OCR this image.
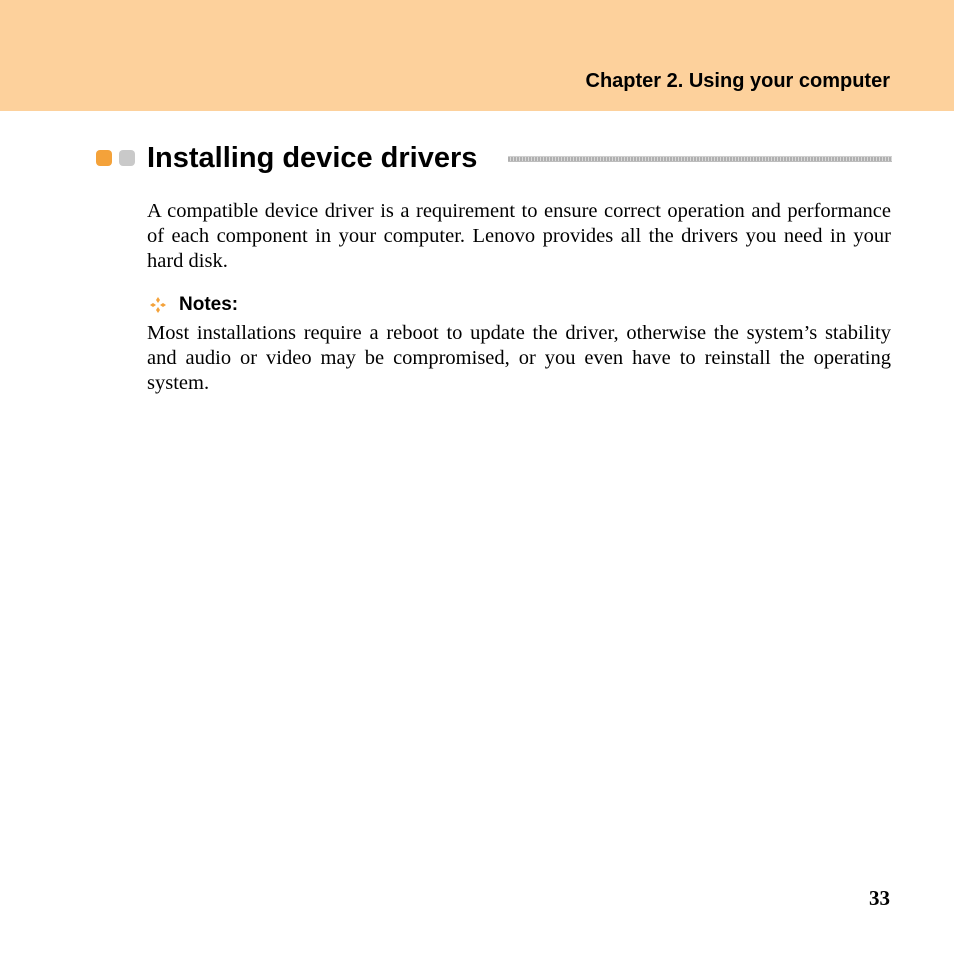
Chapter 2. Using your computer
Installing device drivers

A compatible device driver is a requirement to ensure correct operation and performance of each component in your computer. Lenovo provides all the drivers you need in your hard disk.

Notes:

Most installations require a reboot to update the driver, otherwise the system’s stability and audio or video may be compromised, or you even have to reinstall the operating system.

33
